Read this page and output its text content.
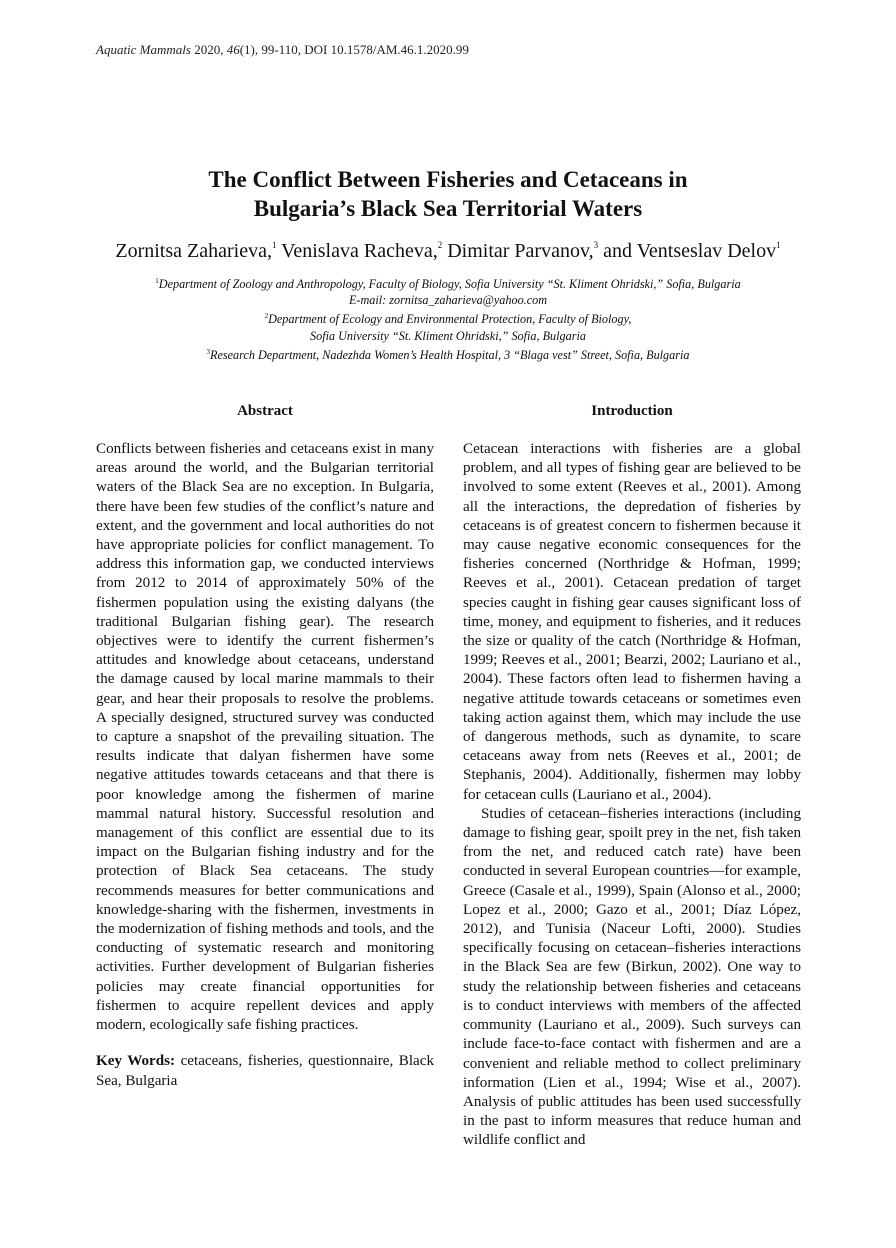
Aquatic Mammals 2020, 46(1), 99-110, DOI 10.1578/AM.46.1.2020.99
The Conflict Between Fisheries and Cetaceans in
Bulgaria’s Black Sea Territorial Waters
Zornitsa Zaharieva,$^1$ Venislava Racheva,$^2$ Dimitar Parvanov,$^3$ and Ventseslav Delov$^1$
$^1$Department of Zoology and Anthropology, Faculty of Biology, Sofia University “St. Kliment Ohridski,” Sofia, Bulgaria
E-mail: zornitsa_zaharieva@yahoo.com
$^2$Department of Ecology and Environmental Protection, Faculty of Biology,
Sofia University “St. Kliment Ohridski,” Sofia, Bulgaria
$^3$Research Department, Nadezhda Women’s Health Hospital, 3 “Blaga vest” Street, Sofia, Bulgaria
Abstract

Conflicts between fisheries and cetaceans exist in many areas around the world, and the Bulgarian territorial waters of the Black Sea are no exception. In Bulgaria, there have been few studies of the conflict’s nature and extent, and the government and local authorities do not have appropriate policies for conflict management. To address this information gap, we conducted interviews from 2012 to 2014 of approximately 50% of the fishermen population using the existing dalyans (the traditional Bulgarian fishing gear). The research objectives were to identify the current fishermen’s attitudes and knowledge about cetaceans, understand the damage caused by local marine mammals to their gear, and hear their proposals to resolve the problems. A specially designed, structured survey was conducted to capture a snapshot of the prevailing situation. The results indicate that dalyan fishermen have some negative attitudes towards cetaceans and that there is poor knowledge among the fishermen of marine mammal natural history. Successful resolution and management of this conflict are essential due to its impact on the Bulgarian fishing industry and for the protection of Black Sea cetaceans. The study recommends measures for better communications and knowledge-sharing with the fishermen, investments in the modernization of fishing methods and tools, and the conducting of systematic research and monitoring activities. Further development of Bulgarian fisheries policies may create financial opportunities for fishermen to acquire repellent devices and apply modern, ecologically safe fishing practices.

Key Words: cetaceans, fisheries, questionnaire, Black Sea, Bulgaria

Introduction

Cetacean interactions with fisheries are a global problem, and all types of fishing gear are believed to be involved to some extent (Reeves et al., 2001). Among all the interactions, the depredation of fisheries by cetaceans is of greatest concern to fishermen because it may cause negative economic consequences for the fisheries concerned (Northridge & Hofman, 1999; Reeves et al., 2001). Cetacean predation of target species caught in fishing gear causes significant loss of time, money, and equipment to fisheries, and it reduces the size or quality of the catch (Northridge & Hofman, 1999; Reeves et al., 2001; Bearzi, 2002; Lauriano et al., 2004). These factors often lead to fishermen having a negative attitude towards cetaceans or sometimes even taking action against them, which may include the use of dangerous methods, such as dynamite, to scare cetaceans away from nets (Reeves et al., 2001; de Stephanis, 2004). Additionally, fishermen may lobby for cetacean culls (Lauriano et al., 2004).

Studies of cetacean–fisheries interactions (including damage to fishing gear, spoilt prey in the net, fish taken from the net, and reduced catch rate) have been conducted in several European countries—for example, Greece (Casale et al., 1999), Spain (Alonso et al., 2000; Lopez et al., 2000; Gazo et al., 2001; Díaz López, 2012), and Tunisia (Naceur Lofti, 2000). Studies specifically focusing on cetacean–fisheries interactions in the Black Sea are few (Birkun, 2002). One way to study the relationship between fisheries and cetaceans is to conduct interviews with members of the affected community (Lauriano et al., 2009). Such surveys can include face-to-face contact with fishermen and are a convenient and reliable method to collect preliminary information (Lien et al., 1994; Wise et al., 2007). Analysis of public attitudes has been used successfully in the past to inform measures that reduce human and wildlife conflict and
